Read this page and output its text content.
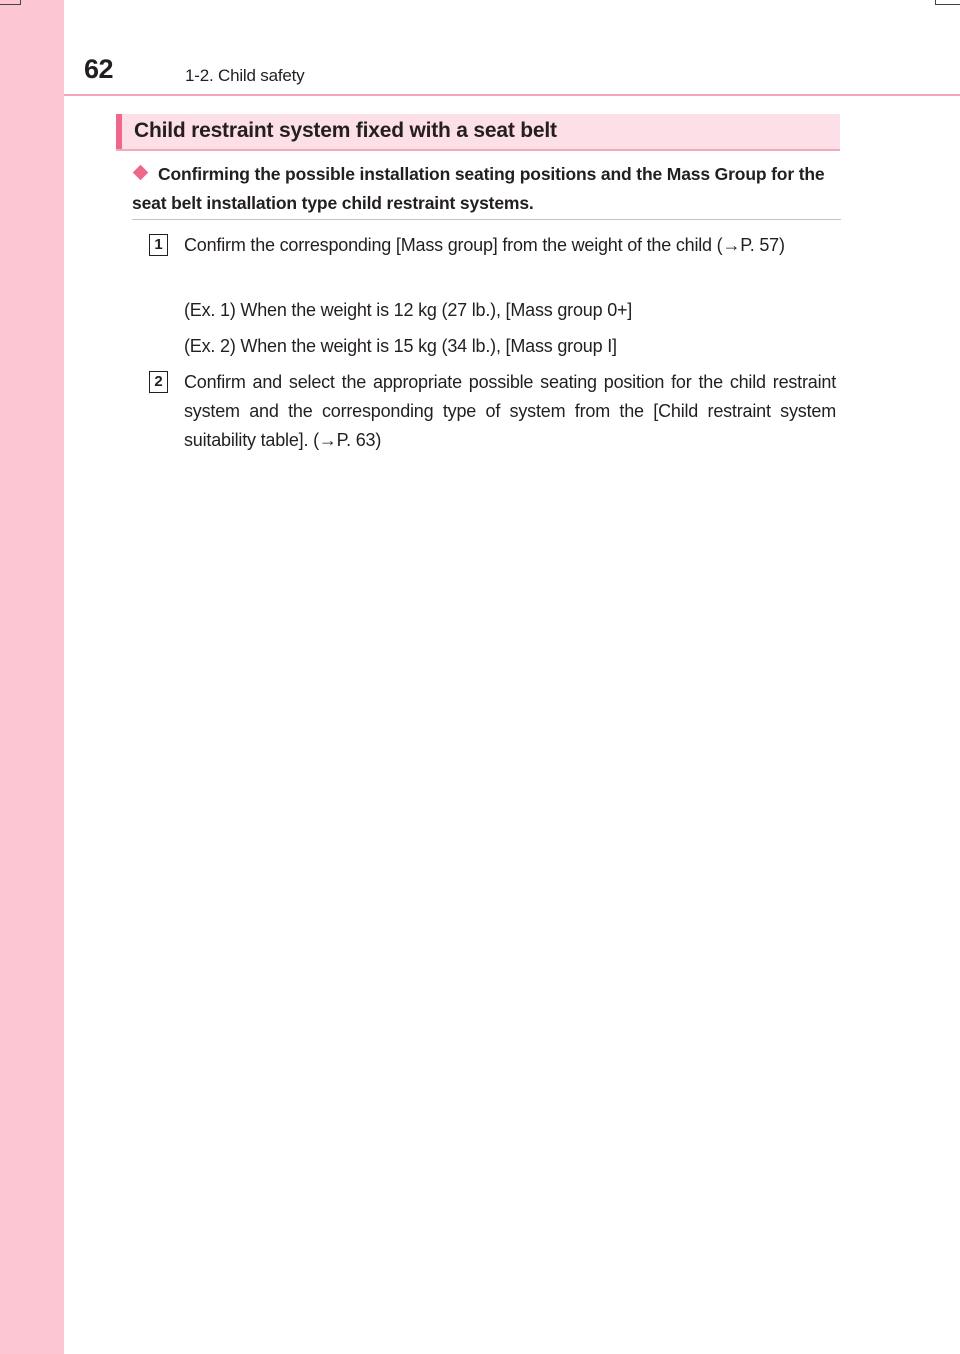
62	1-2. Child safety
Child restraint system fixed with a seat belt
Confirming the possible installation seating positions and the Mass Group for the seat belt installation type child restraint systems.
1 Confirm the corresponding [Mass group] from the weight of the child (→P. 57)
(Ex. 1) When the weight is 12 kg (27 lb.), [Mass group 0+]
(Ex. 2) When the weight is 15 kg (34 lb.), [Mass group I]
2 Confirm and select the appropriate possible seating position for the child restraint system and the corresponding type of system from the [Child restraint system suitability table]. (→P. 63)
